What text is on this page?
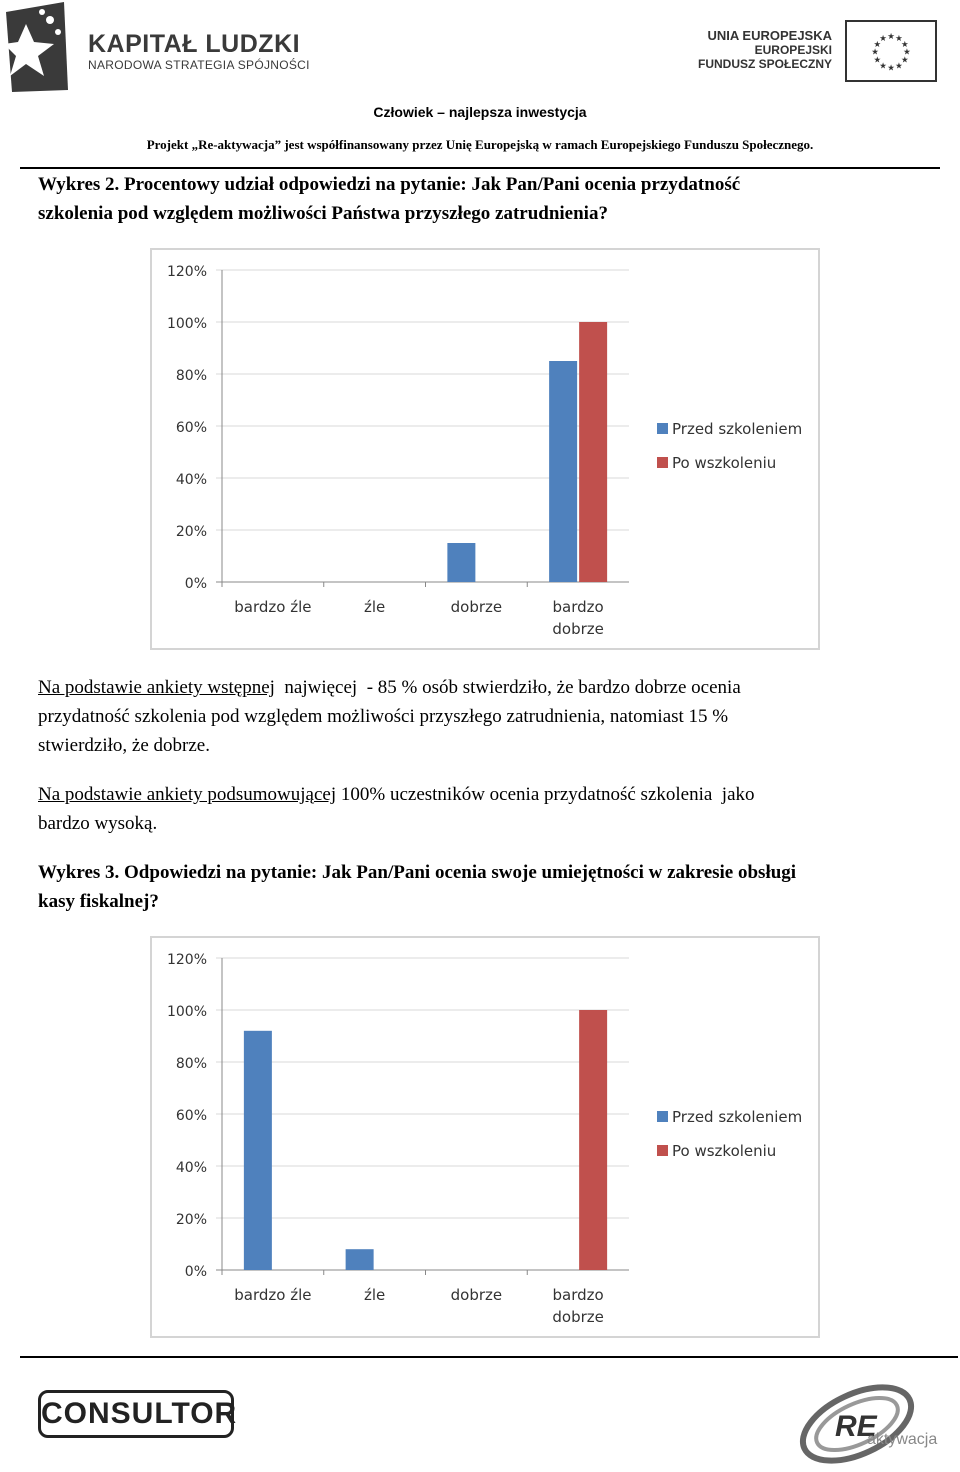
KAPITAŁ LUDZKI
NARODOWA STRATEGIA SPÓJNOŚCI
UNIA EUROPEJSKA
EUROPEJSKI
FUNDUSZ SPOŁECZNY
★
★
★
★
★
★
★
★
★ ★ ★
★
Człowiek – najlepsza inwestycja
Projekt „Re-aktywacja” jest współfinansowany przez Unię Europejską w ramach Europejskiego Funduszu Społecznego.
Wykres 2. Procentowy udział odpowiedzi na pytanie: Jak Pan/Pani ocenia przydatność
szkolenia pod względem możliwości Państwa przyszłego zatrudnienia?
0%
20%
40%
60%
80%
100%
120%
bardzo źle	źle	dobrze	bardzo
dobrze
Przed szkoleniem
Po wszkoleniu
Na podstawie ankiety wstępnej  najwięcej  - 85 % osób stwierdziło, że bardzo dobrze ocenia
przydatność szkolenia pod względem możliwości przyszłego zatrudnienia, natomiast 15 %
stwierdziło, że dobrze.
Na podstawie ankiety podsumowującej 100% uczestników ocenia przydatność szkolenia  jako
bardzo wysoką.
Wykres 3. Odpowiedzi na pytanie: Jak Pan/Pani ocenia swoje umiejętności w zakresie obsługi
kasy fiskalnej?
0%
20%
40%
60%
80%
100%
120%
bardzo źle	źle	dobrze	bardzo
dobrze
Przed szkoleniem
Po wszkoleniu
CONSULTOR	RE
aktywacja
